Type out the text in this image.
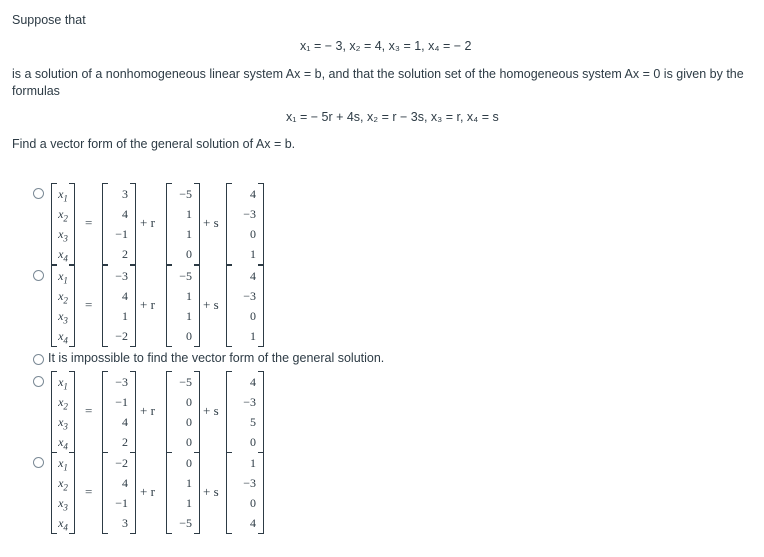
Suppose that
x₁ = − 3, x₂ = 4, x₃ = 1, x₄ = − 2
is a solution of a nonhomogeneous linear system Ax = b, and that the solution set of the homogeneous system Ax = 0 is given by the
formulas
x₁ = − 5r + 4s, x₂ = r − 3s, x₃ = r, x₄ = s
Find a vector form of the general solution of Ax = b.
$x_1$
$x_2$
$x_3$
$x_4$
=
3
4
−1
2
+ r
−5
1
1
0
+ s
4
−3
0
1
$x_1$
$x_2$
$x_3$
$x_4$
=
−3
4
1
−2
+ r
−5
1
1
0
+ s
4
−3
0
1
It is impossible to find the vector form of the general solution.
$x_1$
$x_2$
$x_3$
$x_4$
=
−3
−1
4
2
+ r
−5
0
0
0
+ s
4
−3
5
0
$x_1$
$x_2$
$x_3$
$x_4$
=
−2
4
−1
3
+ r
0
1
1
−5
+ s
1
−3
0
4
